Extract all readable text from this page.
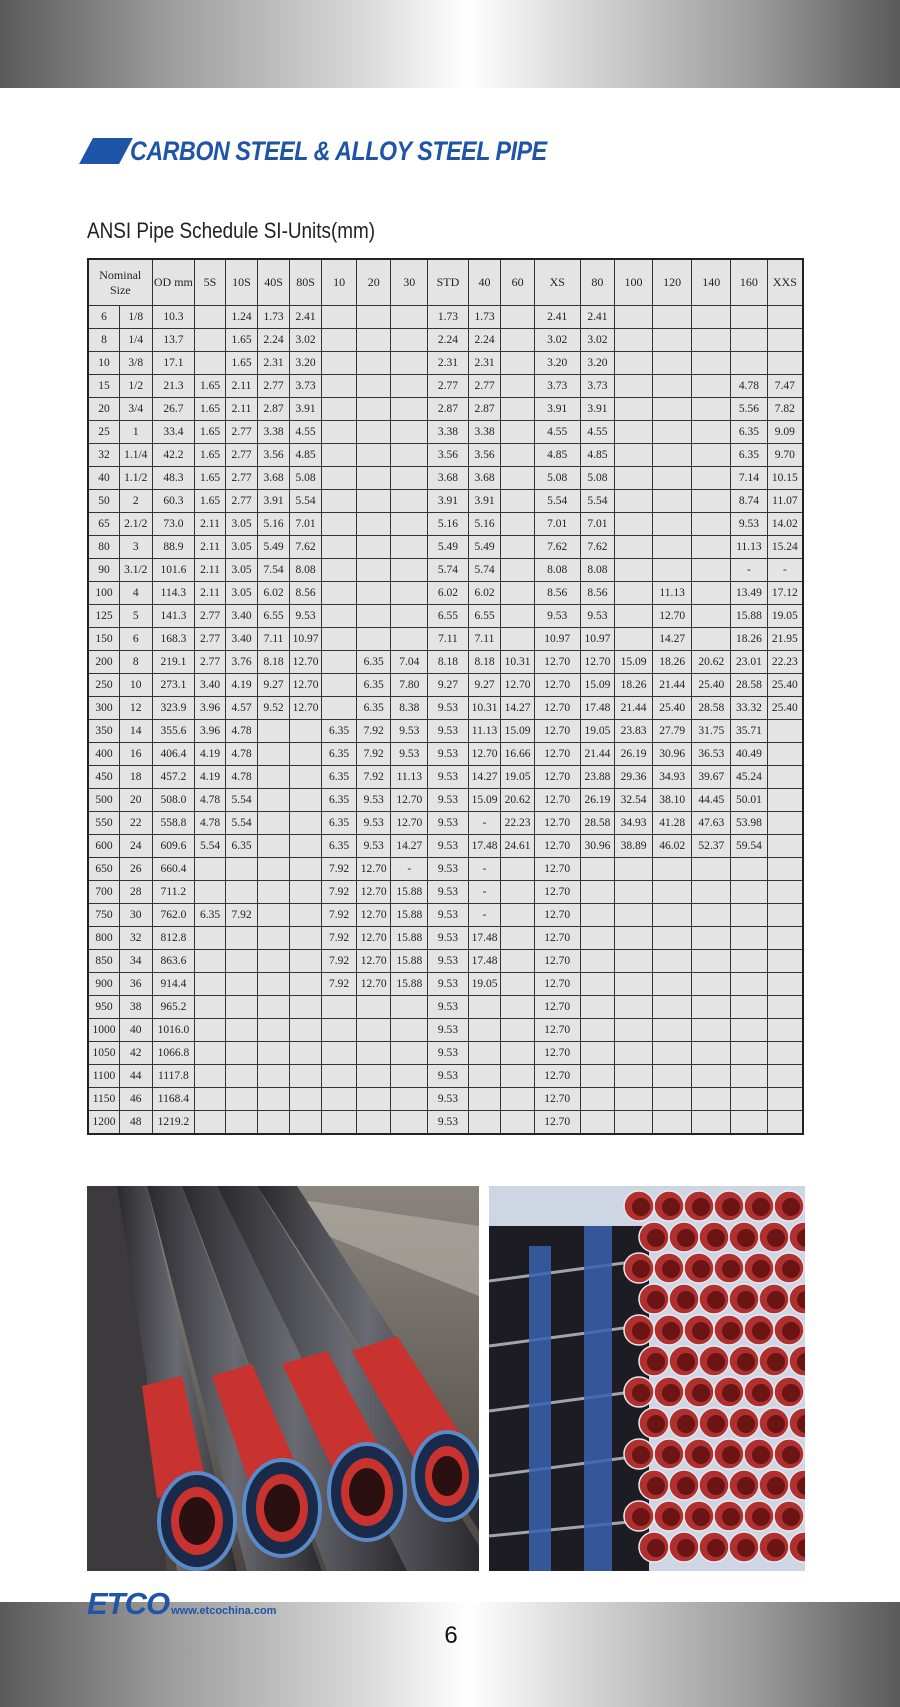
CARBON STEEL & ALLOY STEEL PIPE
ANSI Pipe Schedule SI-Units(mm)
Nominal Size		OD mm	5S	10S	40S	80S	10	20	30	STD	40	60	XS	80	100	120	140	160	XXS
6	1/8	10.3		1.24	1.73	2.41				1.73	1.73		2.41	2.41					
8	1/4	13.7		1.65	2.24	3.02				2.24	2.24		3.02	3.02					
10	3/8	17.1		1.65	2.31	3.20				2.31	2.31		3.20	3.20					
15	1/2	21.3	1.65	2.11	2.77	3.73				2.77	2.77		3.73	3.73				4.78	7.47
20	3/4	26.7	1.65	2.11	2.87	3.91				2.87	2.87		3.91	3.91				5.56	7.82
25	1	33.4	1.65	2.77	3.38	4.55				3.38	3.38		4.55	4.55				6.35	9.09
32	1.1/4	42.2	1.65	2.77	3.56	4.85				3.56	3.56		4.85	4.85				6.35	9.70
40	1.1/2	48.3	1.65	2.77	3.68	5.08				3.68	3.68		5.08	5.08				7.14	10.15
50	2	60.3	1.65	2.77	3.91	5.54				3.91	3.91		5.54	5.54				8.74	11.07
65	2.1/2	73.0	2.11	3.05	5.16	7.01				5.16	5.16		7.01	7.01				9.53	14.02
80	3	88.9	2.11	3.05	5.49	7.62				5.49	5.49		7.62	7.62				11.13	15.24
90	3.1/2	101.6	2.11	3.05	7.54	8.08				5.74	5.74		8.08	8.08				-	-
100	4	114.3	2.11	3.05	6.02	8.56				6.02	6.02		8.56	8.56		11.13		13.49	17.12
125	5	141.3	2.77	3.40	6.55	9.53				6.55	6.55		9.53	9.53		12.70		15.88	19.05
150	6	168.3	2.77	3.40	7.11	10.97				7.11	7.11		10.97	10.97		14.27		18.26	21.95
200	8	219.1	2.77	3.76	8.18	12.70		6.35	7.04	8.18	8.18	10.31	12.70	12.70	15.09	18.26	20.62	23.01	22.23
250	10	273.1	3.40	4.19	9.27	12.70		6.35	7.80	9.27	9.27	12.70	12.70	15.09	18.26	21.44	25.40	28.58	25.40
300	12	323.9	3.96	4.57	9.52	12.70		6.35	8.38	9.53	10.31	14.27	12.70	17.48	21.44	25.40	28.58	33.32	25.40
350	14	355.6	3.96	4.78			6.35	7.92	9.53	9.53	11.13	15.09	12.70	19.05	23.83	27.79	31.75	35.71	
400	16	406.4	4.19	4.78			6.35	7.92	9.53	9.53	12.70	16.66	12.70	21.44	26.19	30.96	36.53	40.49	
450	18	457.2	4.19	4.78			6.35	7.92	11.13	9.53	14.27	19.05	12.70	23.88	29.36	34.93	39.67	45.24	
500	20	508.0	4.78	5.54			6.35	9.53	12.70	9.53	15.09	20.62	12.70	26.19	32.54	38.10	44.45	50.01	
550	22	558.8	4.78	5.54			6.35	9.53	12.70	9.53	-	22.23	12.70	28.58	34.93	41.28	47.63	53.98	
600	24	609.6	5.54	6.35			6.35	9.53	14.27	9.53	17.48	24.61	12.70	30.96	38.89	46.02	52.37	59.54	
650	26	660.4					7.92	12.70	-	9.53	-		12.70						
700	28	711.2					7.92	12.70	15.88	9.53	-		12.70						
750	30	762.0	6.35	7.92			7.92	12.70	15.88	9.53	-		12.70						
800	32	812.8					7.92	12.70	15.88	9.53	17.48		12.70						
850	34	863.6					7.92	12.70	15.88	9.53	17.48		12.70						
900	36	914.4					7.92	12.70	15.88	9.53	19.05		12.70						
950	38	965.2								9.53			12.70						
1000	40	1016.0								9.53			12.70						
1050	42	1066.8								9.53			12.70						
1100	44	1117.8								9.53			12.70						
1150	46	1168.4								9.53			12.70						
1200	48	1219.2								9.53			12.70						
ETCO www.etcochina.com
6
